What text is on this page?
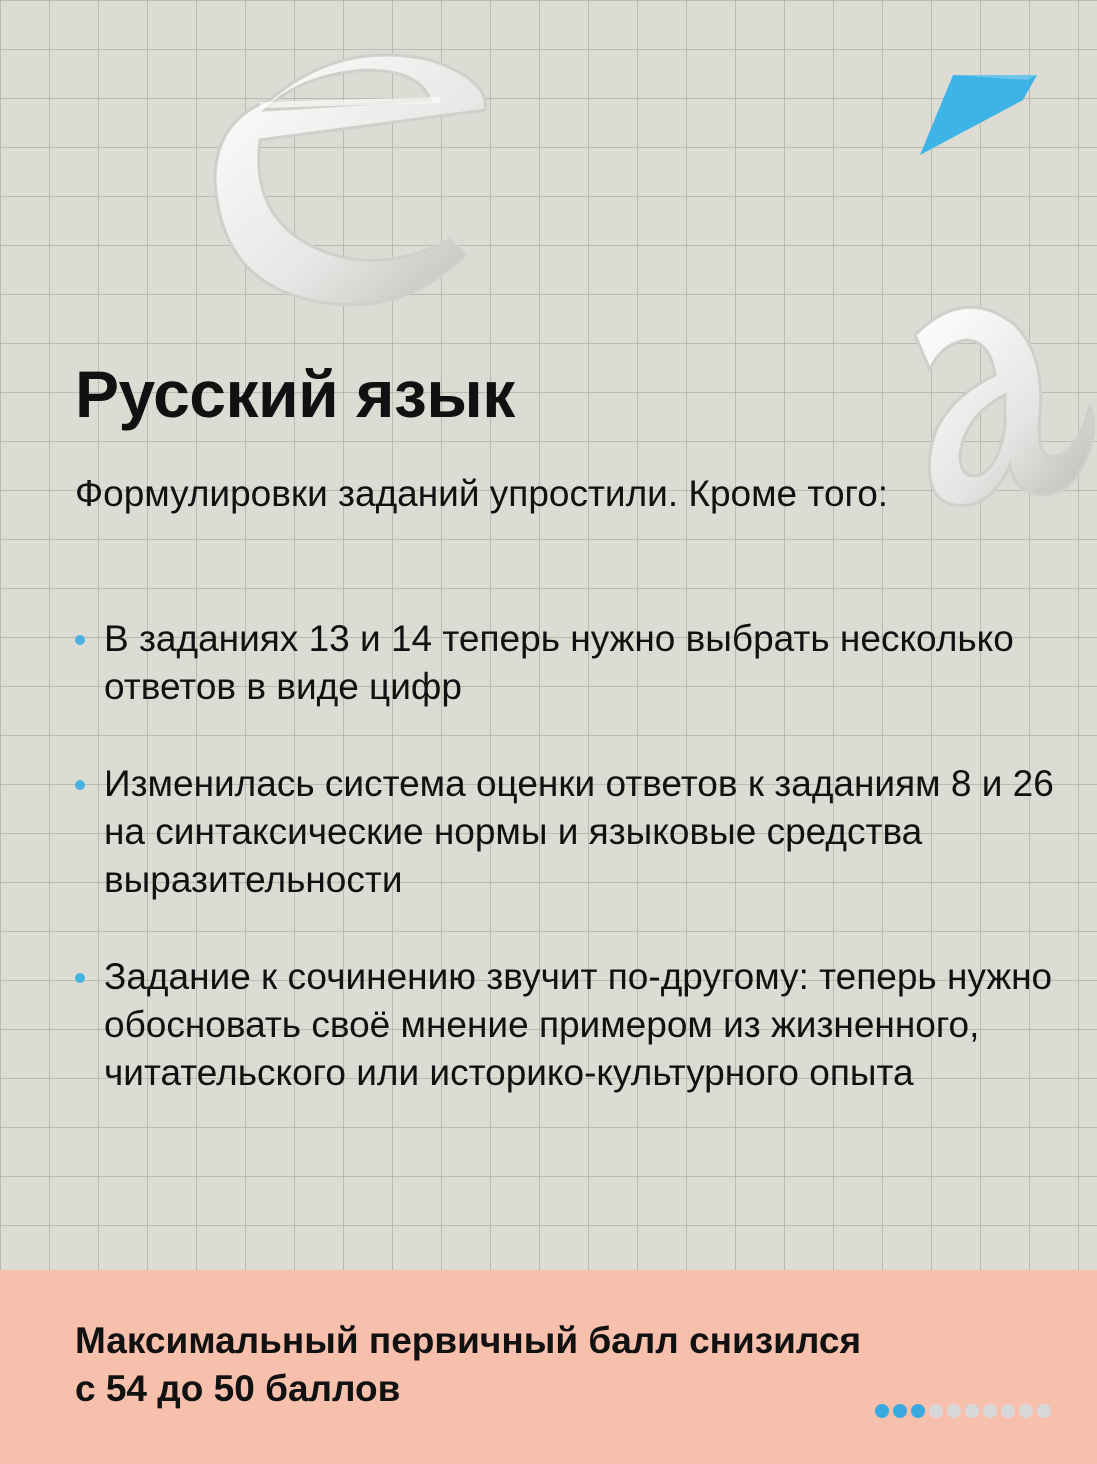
Русский язык

Формулировки заданий упростили. Кроме того:

В заданиях 13 и 14 теперь нужно выбрать несколько ответов в виде цифр
Изменилась система оценки ответов к заданиям 8 и 26 на синтаксические нормы и языковые средства выразительности
Задание к сочинению звучит по-другому: теперь нужно обосновать своё мнение примером из жизненного, читательского или историко-культурного опыта

Максимальный первичный балл снизился с 54 до 50 баллов
